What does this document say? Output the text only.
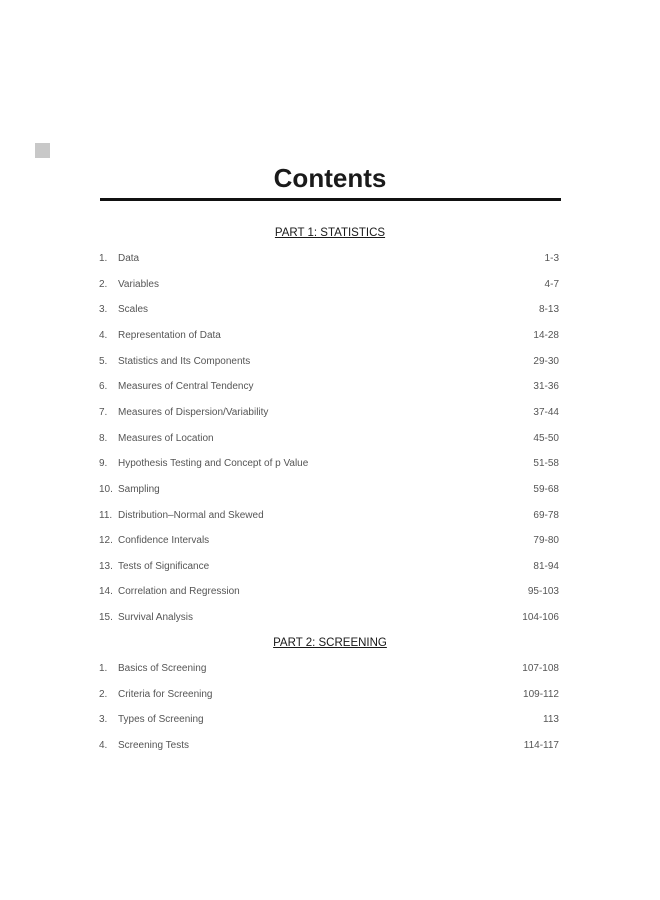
Contents
PART 1: STATISTICS
1. Data	1-3
2. Variables	4-7
3. Scales	8-13
4. Representation of Data	14-28
5. Statistics and Its Components	29-30
6. Measures of Central Tendency	31-36
7. Measures of Dispersion/Variability	37-44
8. Measures of Location	45-50
9. Hypothesis Testing and Concept of p Value	51-58
10. Sampling	59-68
11. Distribution–Normal and Skewed	69-78
12. Confidence Intervals	79-80
13. Tests of Significance	81-94
14. Correlation and Regression	95-103
15. Survival Analysis	104-106
PART 2: SCREENING
1. Basics of Screening	107-108
2. Criteria for Screening	109-112
3. Types of Screening	113
4. Screening Tests	114-117
